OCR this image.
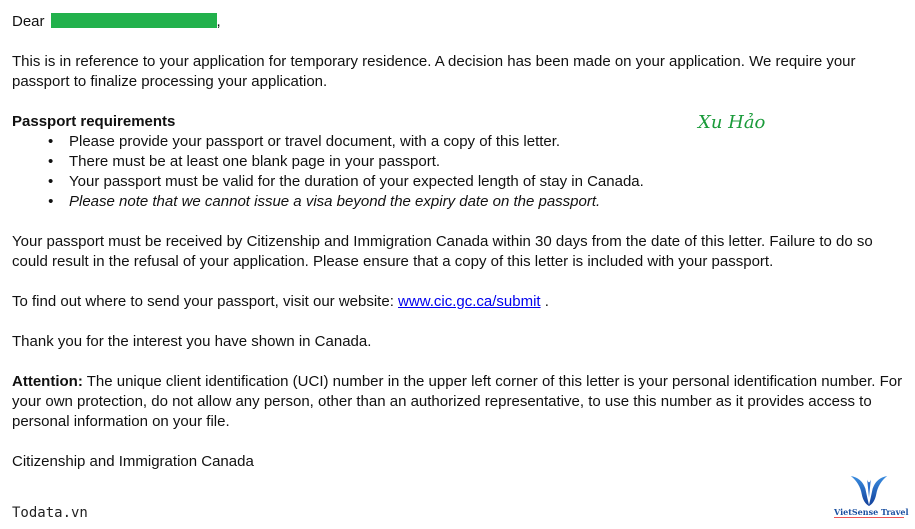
Dear	,

This is in reference to your application for temporary residence. A decision has been made on your application. We require your passport to finalize processing your application.

Passport requirements

• Please provide your passport or travel document, with a copy of this letter.
• There must be at least one blank page in your passport.
• Your passport must be valid for the duration of your expected length of stay in Canada.
• Please note that we cannot issue a visa beyond the expiry date on the passport.

Your passport must be received by Citizenship and Immigration Canada within 30 days from the date of this letter. Failure to do so could result in the refusal of your application. Please ensure that a copy of this letter is included with your passport.

To find out where to send your passport, visit our website: www.cic.gc.ca/submit .

Thank you for the interest you have shown in Canada.

Attention: The unique client identification (UCI) number in the upper left corner of this letter is your personal identification number. For your own protection, do not allow any person, other than an authorized representative, to use this number as it provides access to personal information on your file.

Citizenship and Immigration Canada

Xu Hảo
Todata.vn	VietSense Travel
